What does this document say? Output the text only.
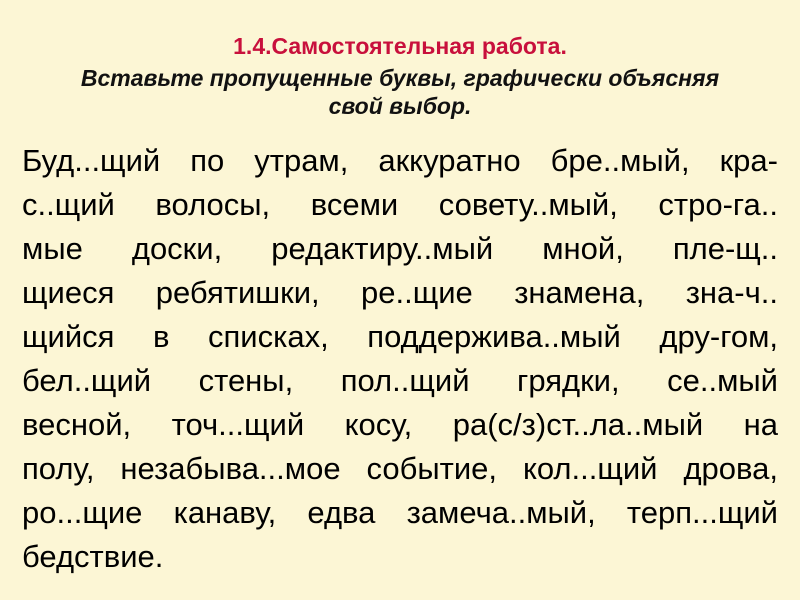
1.4.Самостоятельная работа.

Вставьте пропущенные буквы, графически объясняя
свой выбор.

Буд...щий по утрам, аккуратно бре..мый, кра-
с..щий волосы, всеми совету..мый, стро-га..
мые доски, редактиру..мый мной, пле-щ..
щиеся ребятишки, ре..щие знамена, зна-ч..
щийся в списках, поддержива..мый дру-гом,
бел..щий стены, пол..щий грядки, се..мый
весной, точ...щий косу, ра(с/з)ст..ла..мый на
полу, незабыва...мое событие, кол...щий дрова,
ро...щие канаву, едва замеча..мый, терп...щий
бедствие.
